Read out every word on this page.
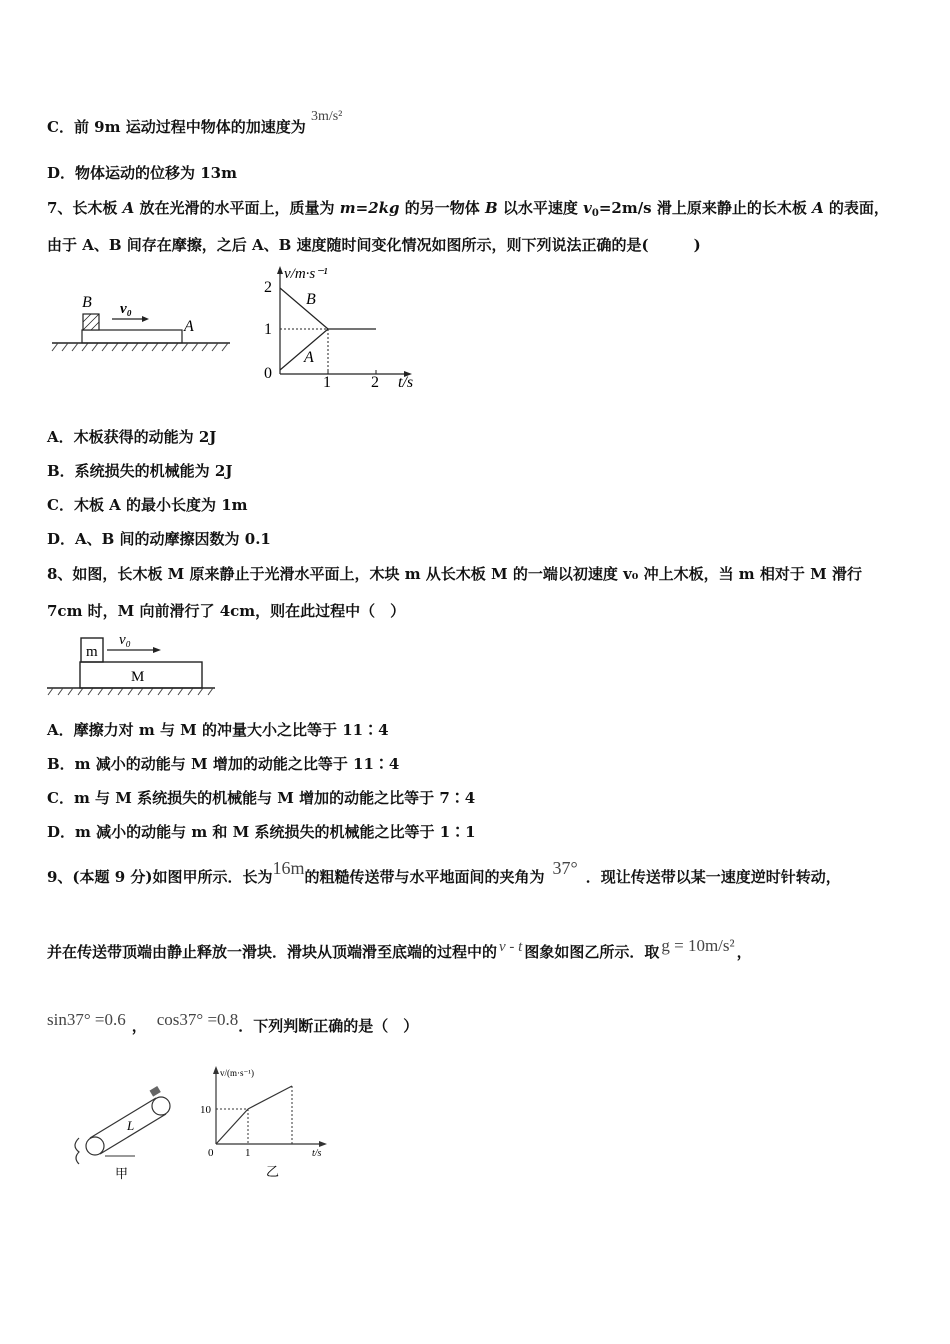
C．前 9m 运动过程中物体的加速度为 3m/s²
D．物体运动的位移为 13m
7、长木板 A 放在光滑的水平面上，质量为 m=2kg 的另一物体 B 以水平速度 $v_0=2m/s$ 滑上原来静止的长木板 A 的表面，
由于 A、B 间存在摩擦，之后 A、B 速度随时间变化情况如图所示，则下列说法正确的是(　　　)
B v₀
A
v/m·s⁻¹
2
1
0
1	2 t/s
B
A
A．木板获得的动能为 2J
B．系统损失的机械能为 2J
C．木板 A 的最小长度为 1m
D．A、B 间的动摩擦因数为 0.1
8、如图，长木板 M 原来静止于光滑水平面上，木块 m 从长木板 M 的一端以初速度 v₀ 冲上木板，当 m 相对于 M 滑行
7cm 时，M 向前滑行了 4cm，则在此过程中（　）
m
M
v₀
A．摩擦力对 m 与 M 的冲量大小之比等于 11∶4
B．m 减小的动能与 M 增加的动能之比等于 11∶4
C．m 与 M 系统损失的机械能与 M 增加的动能之比等于 7∶4
D．m 减小的动能与 m 和 M 系统损失的机械能之比等于 1∶1
9、(本题 9 分)如图甲所示．长为16m的粗糙传送带与水平地面间的夹角为 37° ．现让传送带以某一速度逆时针转动，
并在传送带顶端由静止释放一滑块．滑块从顶端滑至底端的过程中的 v - t 图象如图乙所示．取 g = 10m/s² ，
sin37° =0.6 ， cos37° =0.8．下列判断正确的是（　）
L
甲
v/(m·s⁻¹)
10
0	1	t/s
乙
